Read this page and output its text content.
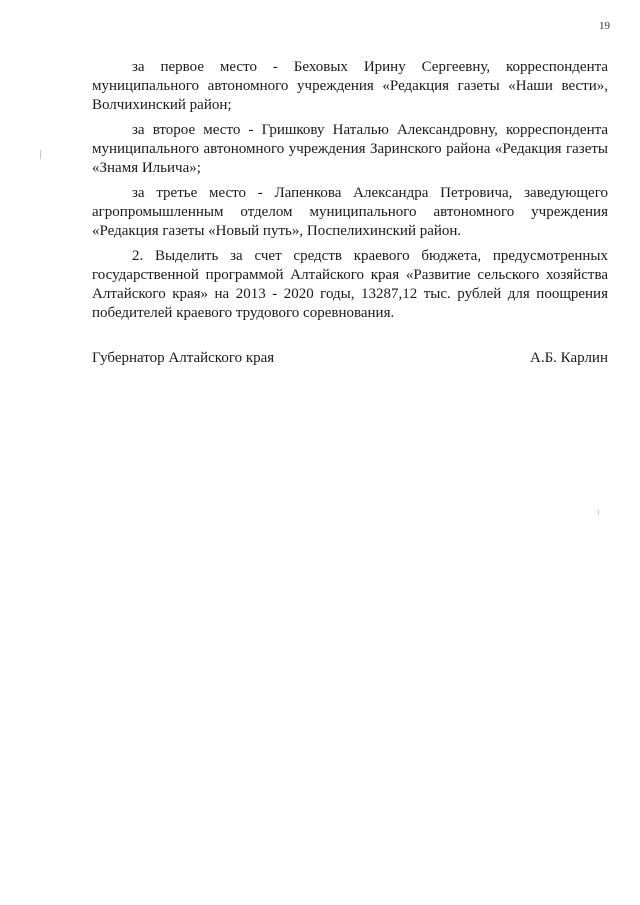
19

за первое место - Беховых Ирину Сергеевну, корреспондента муниципального автономного учреждения «Редакция газеты «Наши вести», Волчихинский район;

за второе место - Гришкову Наталью Александровну, корреспондента муниципального автономного учреждения Заринского района «Редакция газеты «Знамя Ильича»;

за третье место - Лапенкова Александра Петровича, заведующего агропромышленным отделом муниципального автономного учреждения «Редакция газеты «Новый путь», Поспелихинский район.

2. Выделить за счет средств краевого бюджета, предусмотренных государственной программой Алтайского края «Развитие сельского хозяйства Алтайского края» на 2013 - 2020 годы, 13287,12 тыс. рублей для поощрения победителей краевого трудового соревнования.

Губернатор Алтайского края	А.Б. Карлин
